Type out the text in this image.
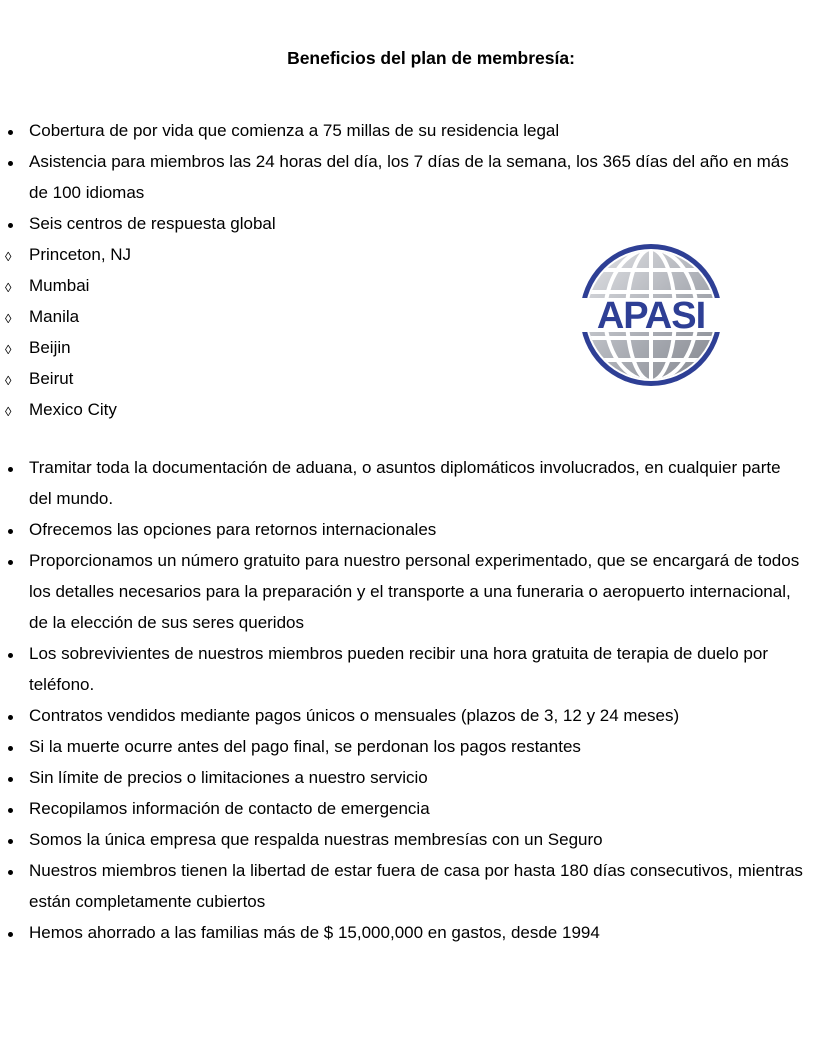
Beneficios del plan de membresía:
Cobertura de por vida que comienza a 75 millas de su residencia legal
Asistencia para miembros las 24 horas del día, los 7 días de la semana, los 365 días del año en más de 100 idiomas
Seis centros de respuesta global
Princeton, NJ
Mumbai
Manila
Beijin
Beirut
Mexico City
Tramitar toda la documentación de aduana, o asuntos diplomáticos involucrados, en cualquier parte del mundo.
Ofrecemos las opciones para retornos internacionales
Proporcionamos un número gratuito para nuestro personal experimentado, que se encargará de todos los detalles necesarios para la preparación y el transporte a una funeraria o aeropuerto internacional, de la elección de sus seres queridos
Los sobrevivientes de nuestros miembros pueden recibir una hora gratuita de terapia de duelo por teléfono.
Contratos vendidos mediante pagos únicos o mensuales (plazos de 3, 12 y 24 meses)
Si la muerte ocurre antes del pago final, se perdonan los pagos restantes
Sin límite de precios o limitaciones a nuestro servicio
Recopilamos información de contacto de emergencia
Somos la única empresa que respalda nuestras membresías con un Seguro
Nuestros miembros tienen la libertad de estar fuera de casa por hasta 180 días consecutivos, mientras están completamente cubiertos
Hemos ahorrado a las familias más de $ 15,000,000 en gastos, desde 1994
APASI
